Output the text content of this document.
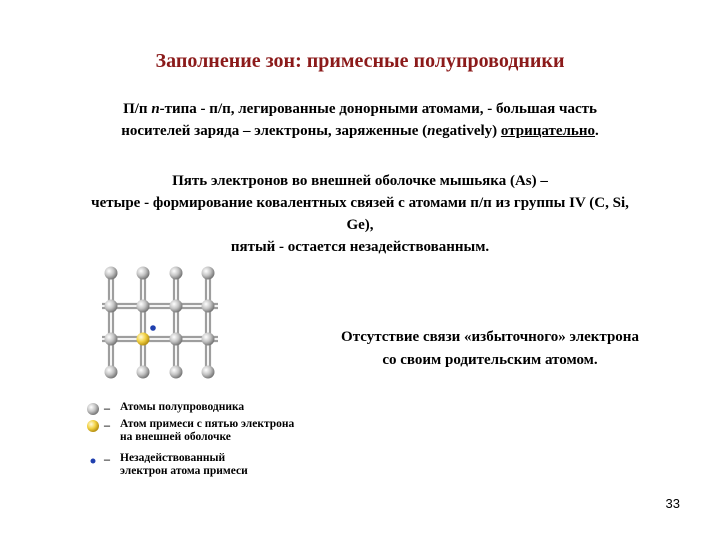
Заполнение зон: примесные полупроводники
П/п n-типа - п/п, легированные донорными атомами, - большая часть
носителей заряда – электроны, заряженные (negatively) отрицательно.
Пять электронов во внешней оболочке мышьяка (As) –
четыре - формирование ковалентных связей с атомами п/п из группы IV (C, Si,
Ge),
пятый - остается незадействованным.
Отсутствие связи «избыточного» электрона
со своим родительским атомом.
– Атомы полупроводника
– Атом примеси с пятью электрона
на внешней оболочке
– Незадействованный
электрон атома примеси
33
